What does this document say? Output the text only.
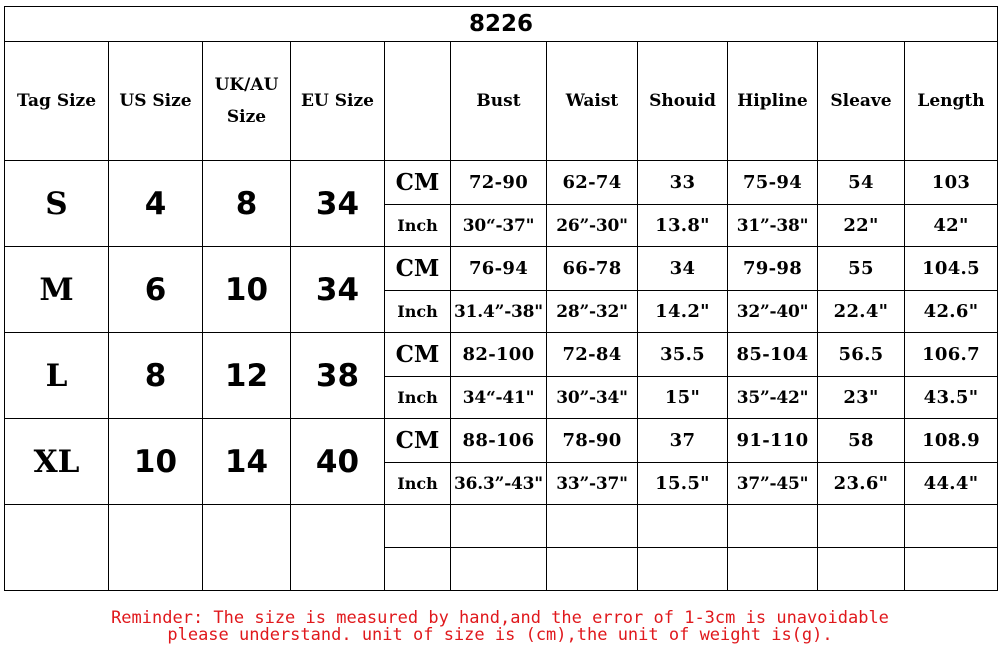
8226										
Tag Size	US Size	UK/AU Size	EU Size		Bust	Waist	Shouid	Hipline	Sleave	Length
S	4	8	34	CM	72-90	62-74	33	75-94	54	103
				Inch	30“-37"	26”-30"	13.8"	31”-38"	22"	42"
M	6	10	34	CM	76-94	66-78	34	79-98	55	104.5
				Inch	31.4”-38"	28”-32"	14.2"	32”-40"	22.4"	42.6"
L	8	12	38	CM	82-100	72-84	35.5	85-104	56.5	106.7
				Inch	34“-41"	30”-34"	15"	35”-42"	23"	43.5"
XL	10	14	40	CM	88-106	78-90	37	91-110	58	108.9
				Inch	36.3”-43"	33”-37"	15.5"	37”-45"	23.6"	44.4"

Reminder: The size is measured by hand,and the error of 1-3cm is unavoidable
please understand. unit of size is (cm),the unit of weight is(g).
